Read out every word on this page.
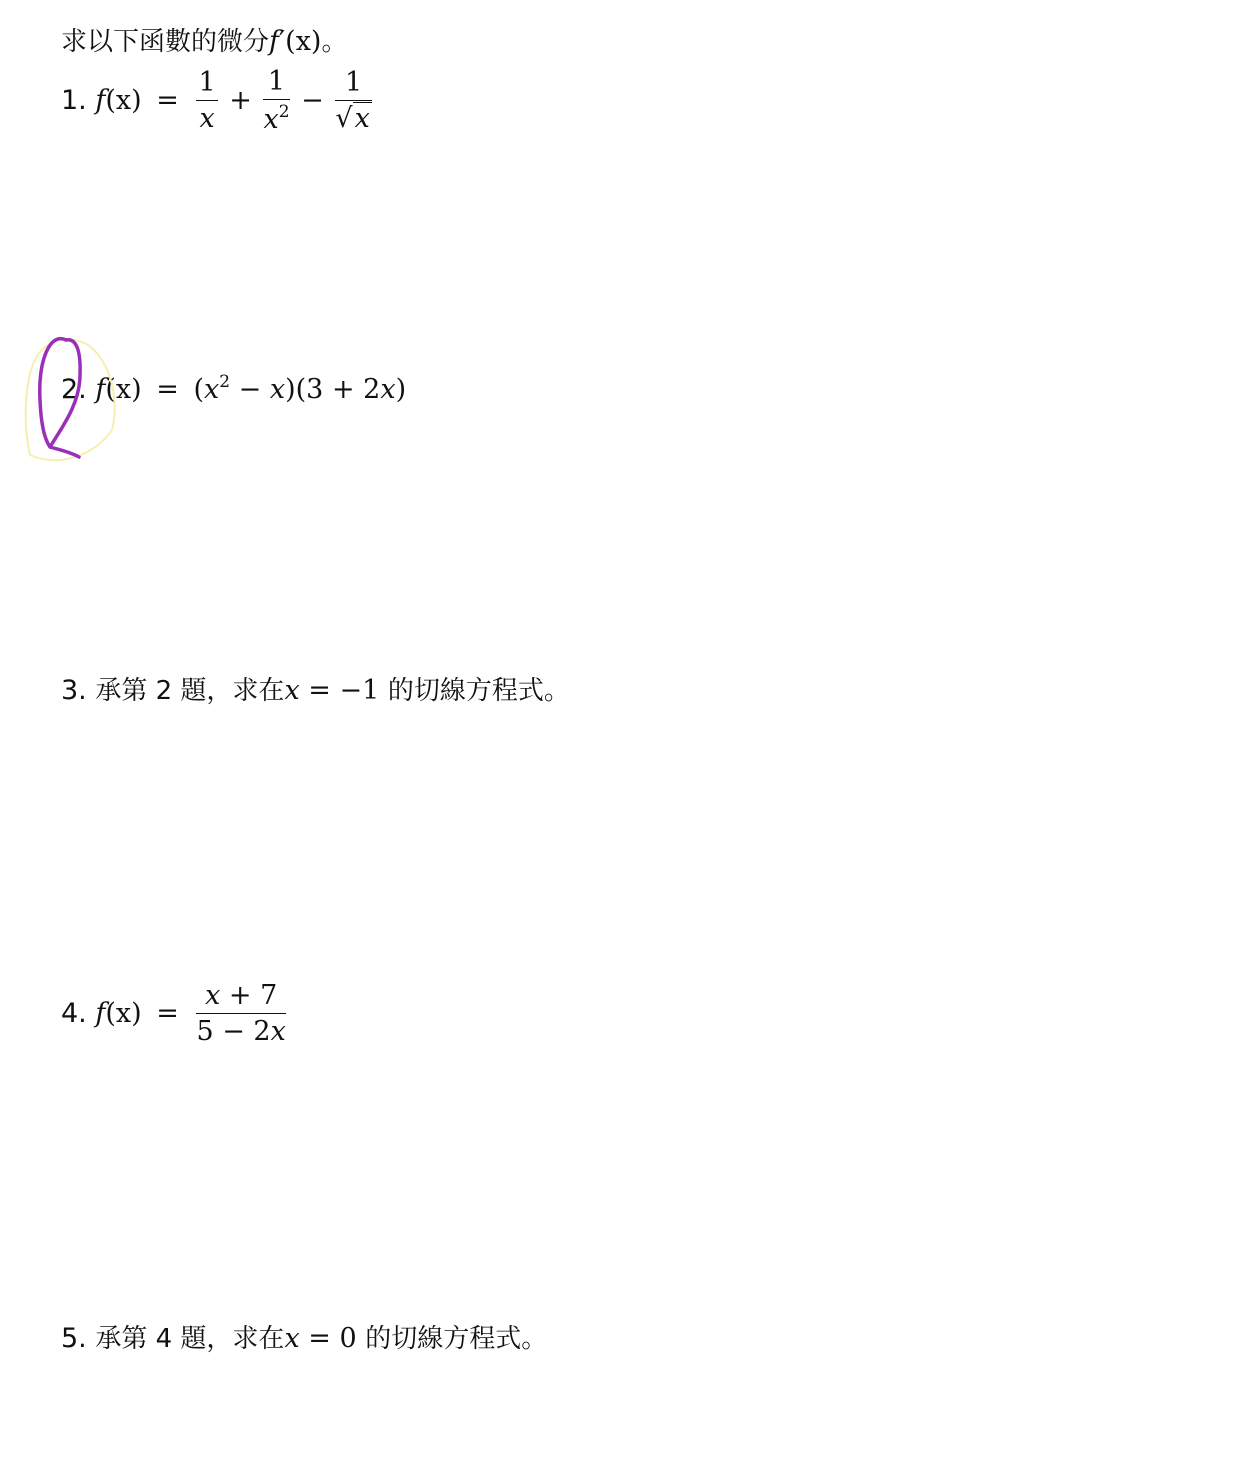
求以下函數的微分f′(x)。
1. $f(x) = \frac{1}{x} + \frac{1}{x^2} - \frac{1}{√x}$
2. $f(x) = (x^2 - x)(3 + 2x)$
3. 承第 2 題，求在x = −1 的切線方程式。
4. $f(x) = \frac{x + 7}{5 - 2x}$
5. 承第 4 題，求在x = 0 的切線方程式。
